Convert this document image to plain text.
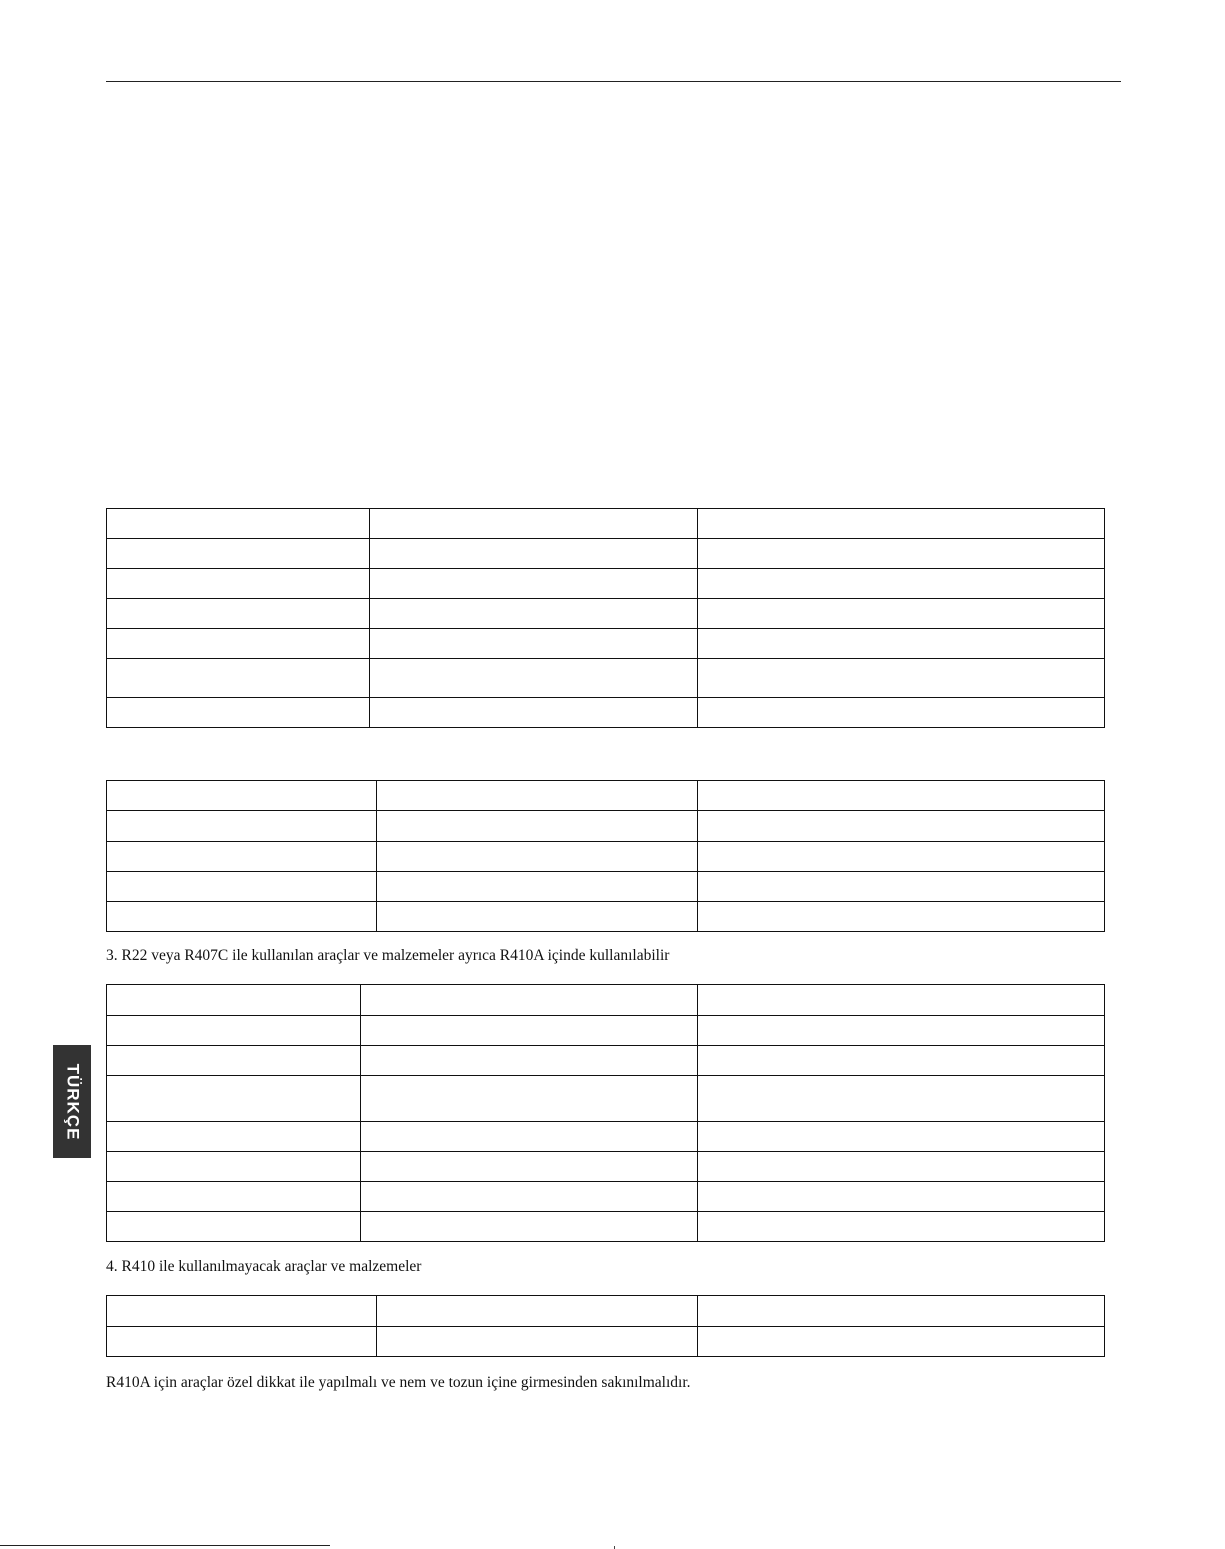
3. R22 veya R407C ile kullanılan araçlar ve malzemeler ayrıca R410A içinde kullanılabilir

4. R410 ile kullanılmayacak araçlar ve malzemeler

R410A için araçlar özel dikkat ile yapılmalı ve nem ve tozun içine girmesinden sakınılmalıdır.

TÜRKÇE
